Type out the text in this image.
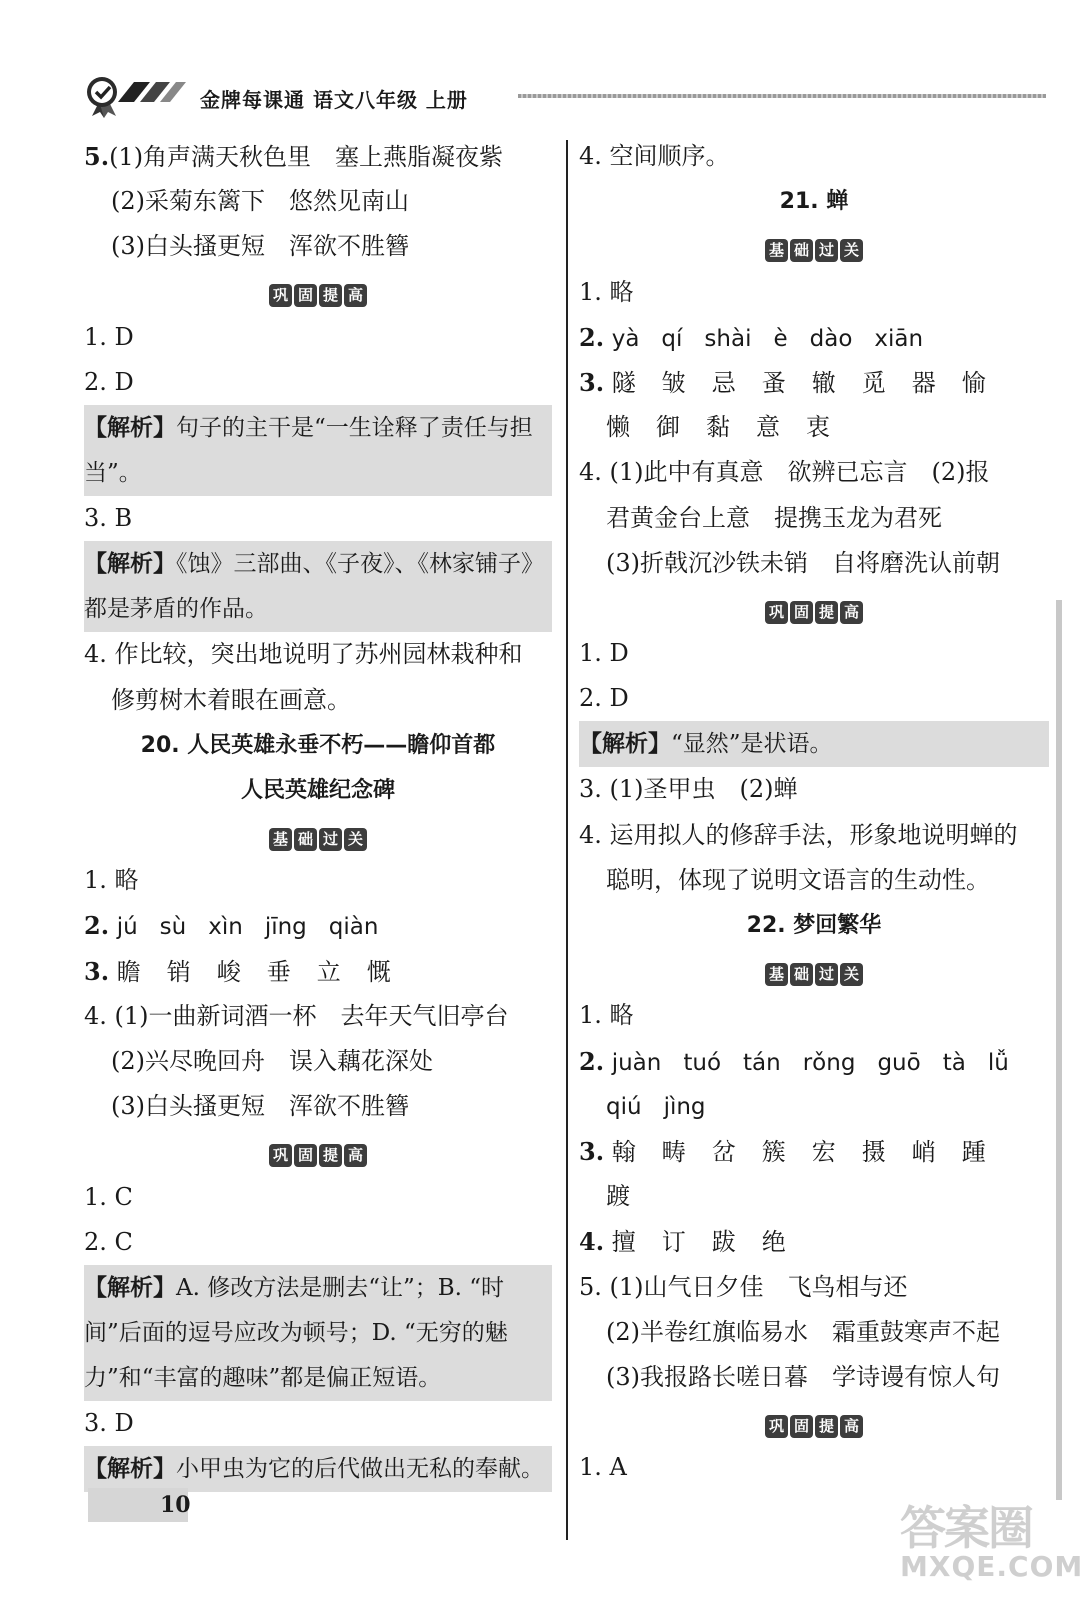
金牌每课通 语文八年级 上册
5.(1)角声满天秋色里　塞上燕脂凝夜紫
(2)采菊东篱下　悠然见南山
(3)白头搔更短　浑欲不胜簪
巩 固 提 高
1. D
2. D
【解析】句子的主干是“一生诠释了责任与担当”。
3. B
【解析】《蚀》三部曲、《子夜》、《林家铺子》都是茅盾的作品。
4. 作比较，突出地说明了苏州园林栽种和
修剪树木着眼在画意。
20. 人民英雄永垂不朽——瞻仰首都
人民英雄纪念碑
基 础 过 关
1. 略
2. jú sù xìn jīng qiàn
3. 瞻 销 峻 垂 立 慨
4. (1)一曲新词酒一杯　去年天气旧亭台
(2)兴尽晚回舟　误入藕花深处
(3)白头搔更短　浑欲不胜簪
巩 固 提 高
1. C
2. C
【解析】A. 修改方法是删去“让”；B. “时间”后面的逗号应改为顿号；D. “无穷的魅力”和“丰富的趣味”都是偏正短语。
3. D
【解析】小甲虫为它的后代做出无私的奉献。
4. 空间顺序。
21. 蝉
基 础 过 关
1. 略
2. yà qí shài è dào xiān
3. 隧 皱 忌 蚤 辙 觅 器 愉
懒 御 黏 意 衷
4. (1)此中有真意　欲辨已忘言　(2)报
君黄金台上意　提携玉龙为君死
(3)折戟沉沙铁未销　自将磨洗认前朝
巩 固 提 高
1. D
2. D
【解析】“显然”是状语。
3. (1)圣甲虫　(2)蝉
4. 运用拟人的修辞手法，形象地说明蝉的
聪明，体现了说明文语言的生动性。
22. 梦回繁华
基 础 过 关
1. 略
2. juàn tuó tán rǒng guō tà lǚ
qiú jìng
3. 翰 畴 岔 簇 宏 摄 峭 踵
踱
4. 擅 订 跋 绝
5. (1)山气日夕佳　飞鸟相与还
(2)半卷红旗临易水　霜重鼓寒声不起
(3)我报路长嗟日暮　学诗谩有惊人句
巩 固 提 高
1. A
10	答案圈
MXQE.COM
